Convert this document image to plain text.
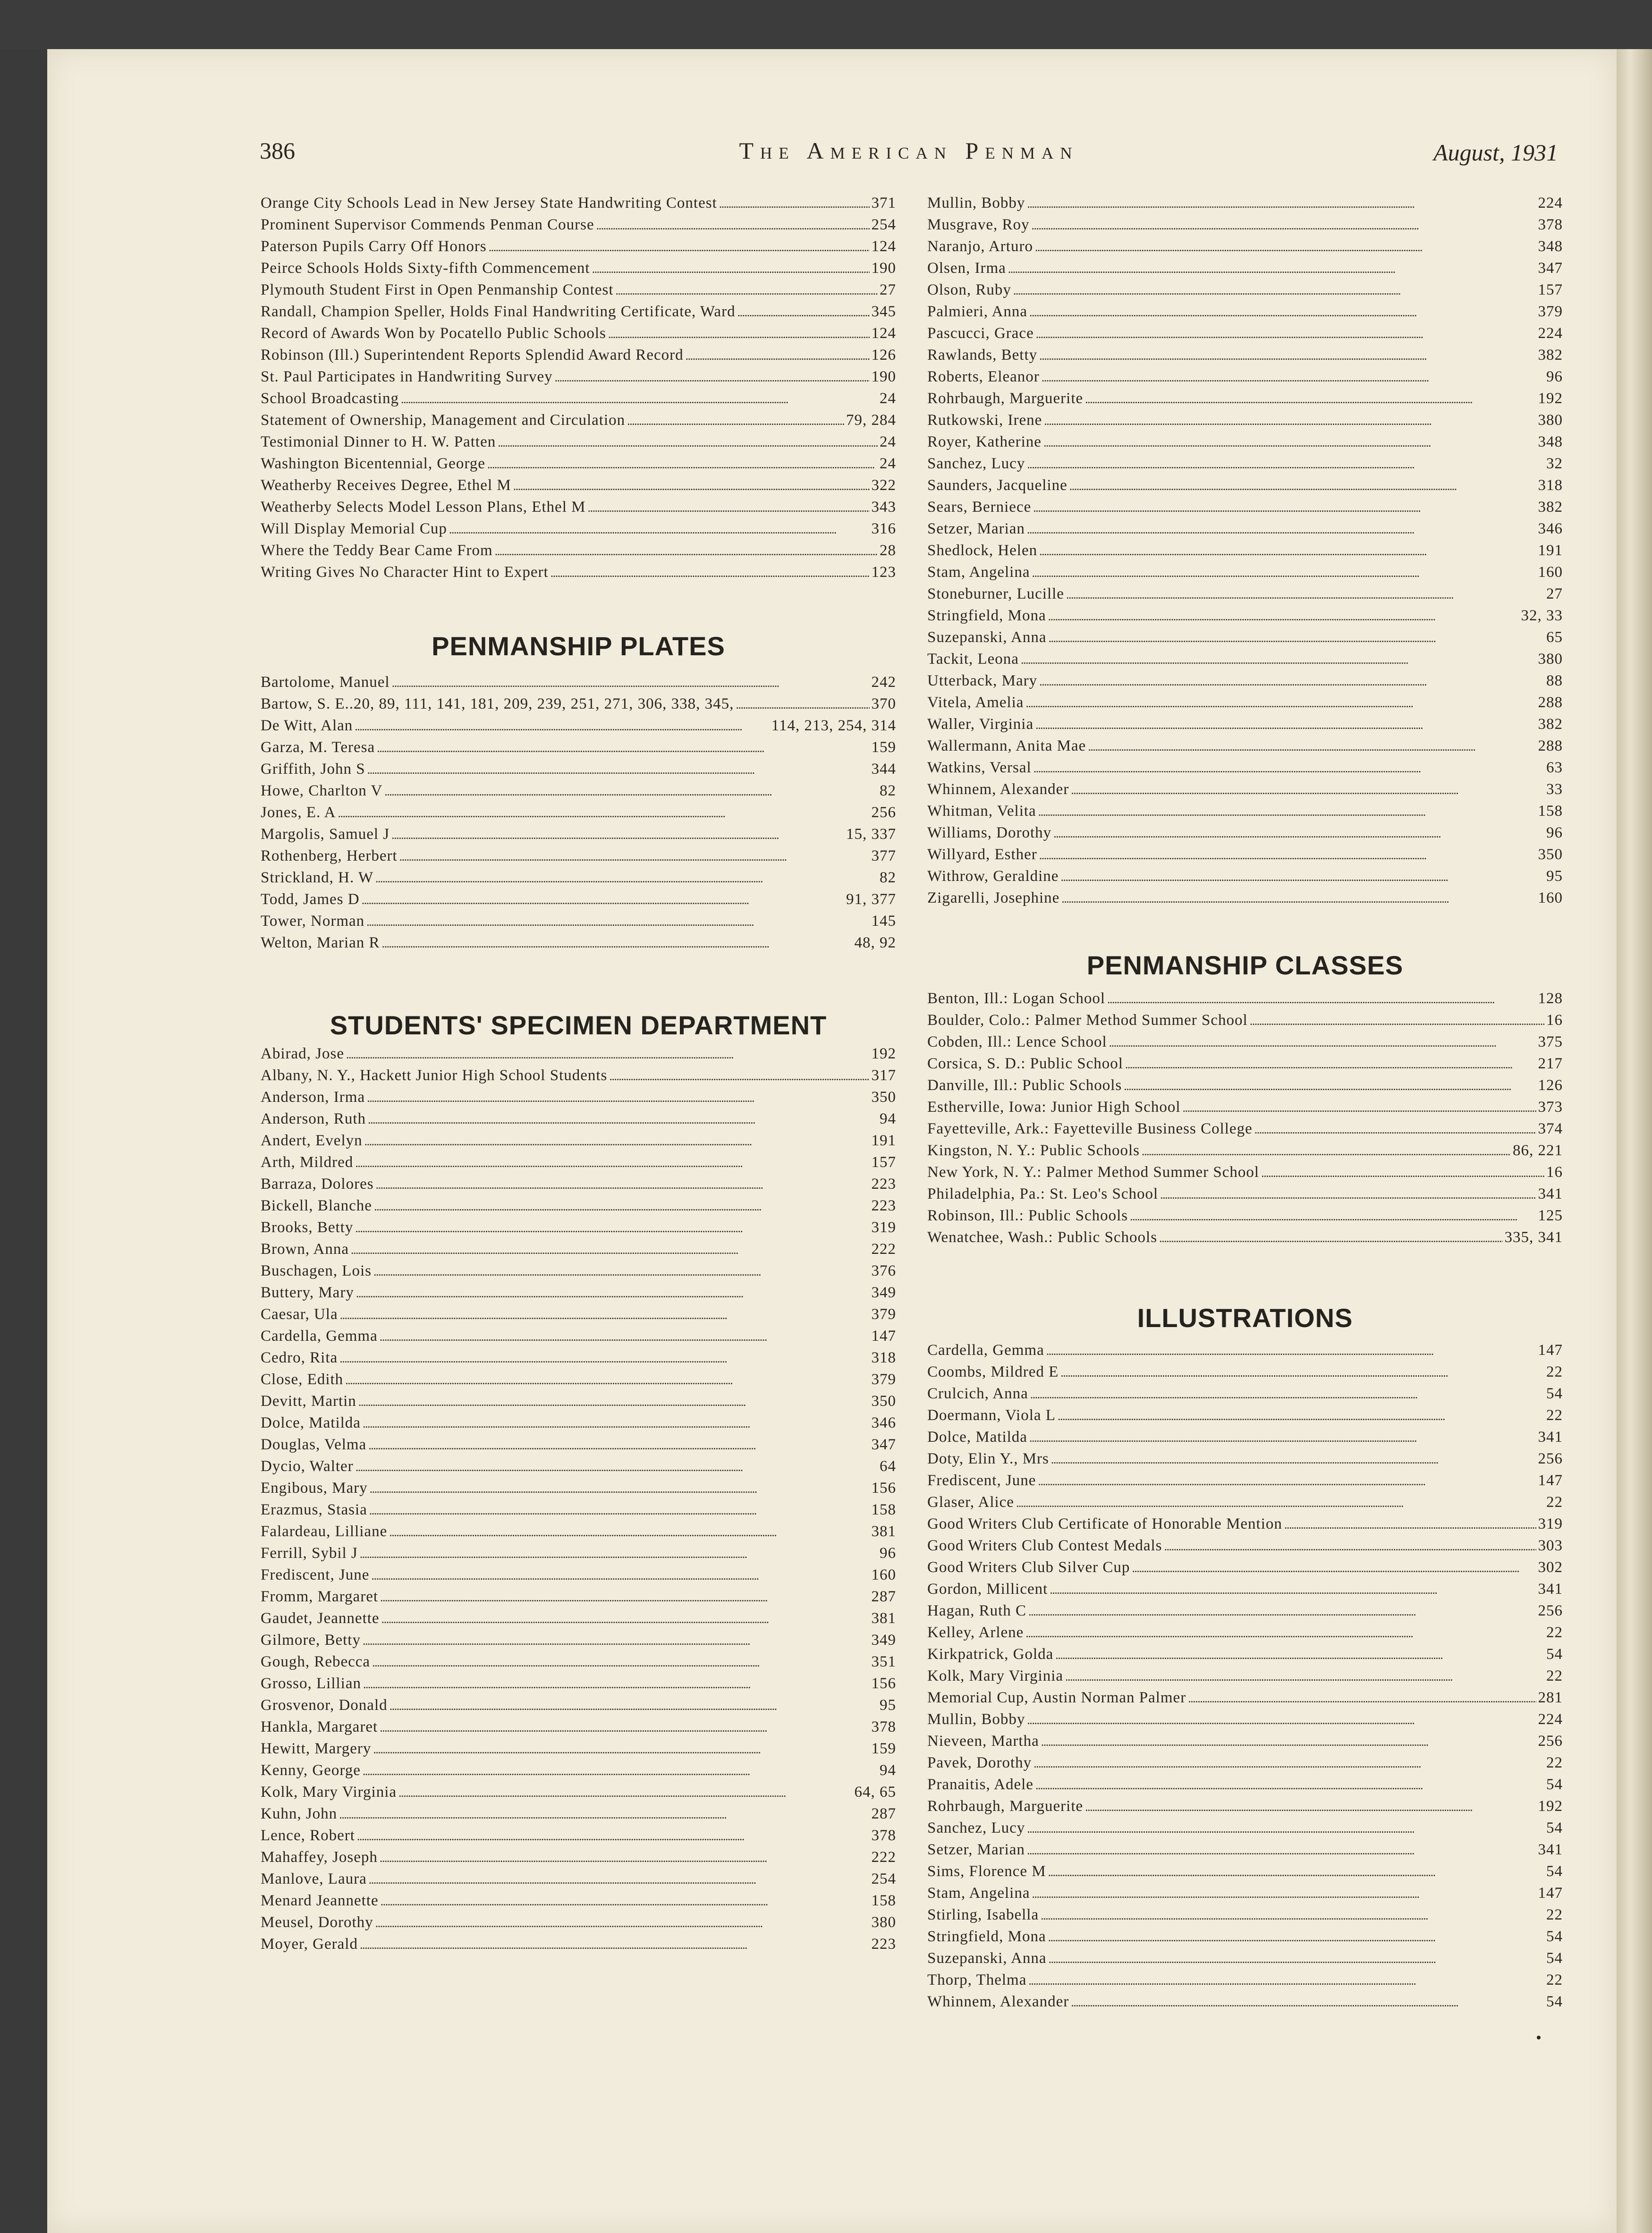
386	The American Penman	August, 1931
Orange City Schools Lead in New Jersey State Handwriting Contest . . .	371
Prominent Supervisor Commends Penman Course . . .	254
Paterson Pupils Carry Off Honors . . .	124
Peirce Schools Holds Sixty-fifth Commencement . . .	190
Plymouth Student First in Open Penmanship Contest . . .	27
Randall, Champion Speller, Holds Final Handwriting Certificate, Ward . . .	345
Record of Awards Won by Pocatello Public Schools . . .	124
Robinson (Ill.) Superintendent Reports Splendid Award Record . . .	126
St. Paul Participates in Handwriting Survey . . .	190
School Broadcasting . . .	24
Statement of Ownership, Management and Circulation . . .	79, 284
Testimonial Dinner to H. W. Patten . . .	24
Washington Bicentennial, George . . .	24
Weatherby Receives Degree, Ethel M . . .	322
Weatherby Selects Model Lesson Plans, Ethel M . . .	343
Will Display Memorial Cup . . .	316
Where the Teddy Bear Came From . . .	28
Writing Gives No Character Hint to Expert . . .	123
PENMANSHIP PLATES
Bartolome, Manuel . . .	242
Bartow, S. E..20, 89, 111, 141, 181, 209, 239, 251, 271, 306, 338, 345, . . .	370
De Witt, Alan . . .	114, 213, 254, 314
Garza, M. Teresa . . .	159
Griffith, John S . . .	344
Howe, Charlton V . . .	82
Jones, E. A . . .	256
Margolis, Samuel J . . .	15, 337
Rothenberg, Herbert . . .	377
Strickland, H. W . . .	82
Todd, James D . . .	91, 377
Tower, Norman . . .	145
Welton, Marian R . . .	48, 92
STUDENTS' SPECIMEN DEPARTMENT
Abirad, Jose . . .	192
Albany, N. Y., Hackett Junior High School Students . . .	317
Anderson, Irma . . .	350
Anderson, Ruth . . .	94
Andert, Evelyn . . .	191
Arth, Mildred . . .	157
Barraza, Dolores . . .	223
Bickell, Blanche . . .	223
Brooks, Betty . . .	319
Brown, Anna . . .	222
Buschagen, Lois . . .	376
Buttery, Mary . . .	349
Caesar, Ula . . .	379
Cardella, Gemma . . .	147
Cedro, Rita . . .	318
Close, Edith . . .	379
Devitt, Martin . . .	350
Dolce, Matilda . . .	346
Douglas, Velma . . .	347
Dycio, Walter . . .	64
Engibous, Mary . . .	156
Erazmus, Stasia . . .	158
Falardeau, Lilliane . . .	381
Ferrill, Sybil J . . .	96
Frediscent, June . . .	160
Fromm, Margaret . . .	287
Gaudet, Jeannette . . .	381
Gilmore, Betty . . .	349
Gough, Rebecca . . .	351
Grosso, Lillian . . .	156
Grosvenor, Donald . . .	95
Hankla, Margaret . . .	378
Hewitt, Margery . . .	159
Kenny, George . . .	94
Kolk, Mary Virginia . . .	64, 65
Kuhn, John . . .	287
Lence, Robert . . .	378
Mahaffey, Joseph . . .	222
Manlove, Laura . . .	254
Menard Jeannette . . .	158
Meusel, Dorothy . . .	380
Moyer, Gerald . . .	223
Mullin, Bobby . . .	224
Musgrave, Roy . . .	378
Naranjo, Arturo . . .	348
Olsen, Irma . . .	347
Olson, Ruby . . .	157
Palmieri, Anna . . .	379
Pascucci, Grace . . .	224
Rawlands, Betty . . .	382
Roberts, Eleanor . . .	96
Rohrbaugh, Marguerite . . .	192
Rutkowski, Irene . . .	380
Royer, Katherine . . .	348
Sanchez, Lucy . . .	32
Saunders, Jacqueline . . .	318
Sears, Berniece . . .	382
Setzer, Marian . . .	346
Shedlock, Helen . . .	191
Stam, Angelina . . .	160
Stoneburner, Lucille . . .	27
Stringfield, Mona . . .	32, 33
Suzepanski, Anna . . .	65
Tackit, Leona . . .	380
Utterback, Mary . . .	88
Vitela, Amelia . . .	288
Waller, Virginia . . .	382
Wallermann, Anita Mae . . .	288
Watkins, Versal . . .	63
Whinnem, Alexander . . .	33
Whitman, Velita . . .	158
Williams, Dorothy . . .	96
Willyard, Esther . . .	350
Withrow, Geraldine . . .	95
Zigarelli, Josephine . . .	160
PENMANSHIP CLASSES
Benton, Ill.: Logan School . . .	128
Boulder, Colo.: Palmer Method Summer School . . .	16
Cobden, Ill.: Lence School . . .	375
Corsica, S. D.: Public School . . .	217
Danville, Ill.: Public Schools . . .	126
Estherville, Iowa: Junior High School . . .	373
Fayetteville, Ark.: Fayetteville Business College . . .	374
Kingston, N. Y.: Public Schools . . .	86, 221
New York, N. Y.: Palmer Method Summer School . . .	16
Philadelphia, Pa.: St. Leo's School . . .	341
Robinson, Ill.: Public Schools . . .	125
Wenatchee, Wash.: Public Schools . . .	335, 341
ILLUSTRATIONS
Cardella, Gemma . . .	147
Coombs, Mildred E . . .	22
Crulcich, Anna . . .	54
Doermann, Viola L . . .	22
Dolce, Matilda . . .	341
Doty, Elin Y., Mrs . . .	256
Frediscent, June . . .	147
Glaser, Alice . . .	22
Good Writers Club Certificate of Honorable Mention . . .	319
Good Writers Club Contest Medals . . .	303
Good Writers Club Silver Cup . . .	302
Gordon, Millicent . . .	341
Hagan, Ruth C . . .	256
Kelley, Arlene . . .	22
Kirkpatrick, Golda . . .	54
Kolk, Mary Virginia . . .	22
Memorial Cup, Austin Norman Palmer . . .	281
Mullin, Bobby . . .	224
Nieveen, Martha . . .	256
Pavek, Dorothy . . .	22
Pranaitis, Adele . . .	54
Rohrbaugh, Marguerite . . .	192
Sanchez, Lucy . . .	54
Setzer, Marian . . .	341
Sims, Florence M . . .	54
Stam, Angelina . . .	147
Stirling, Isabella . . .	22
Stringfield, Mona . . .	54
Suzepanski, Anna . . .	54
Thorp, Thelma . . .	22
Whinnem, Alexander . . .	54
